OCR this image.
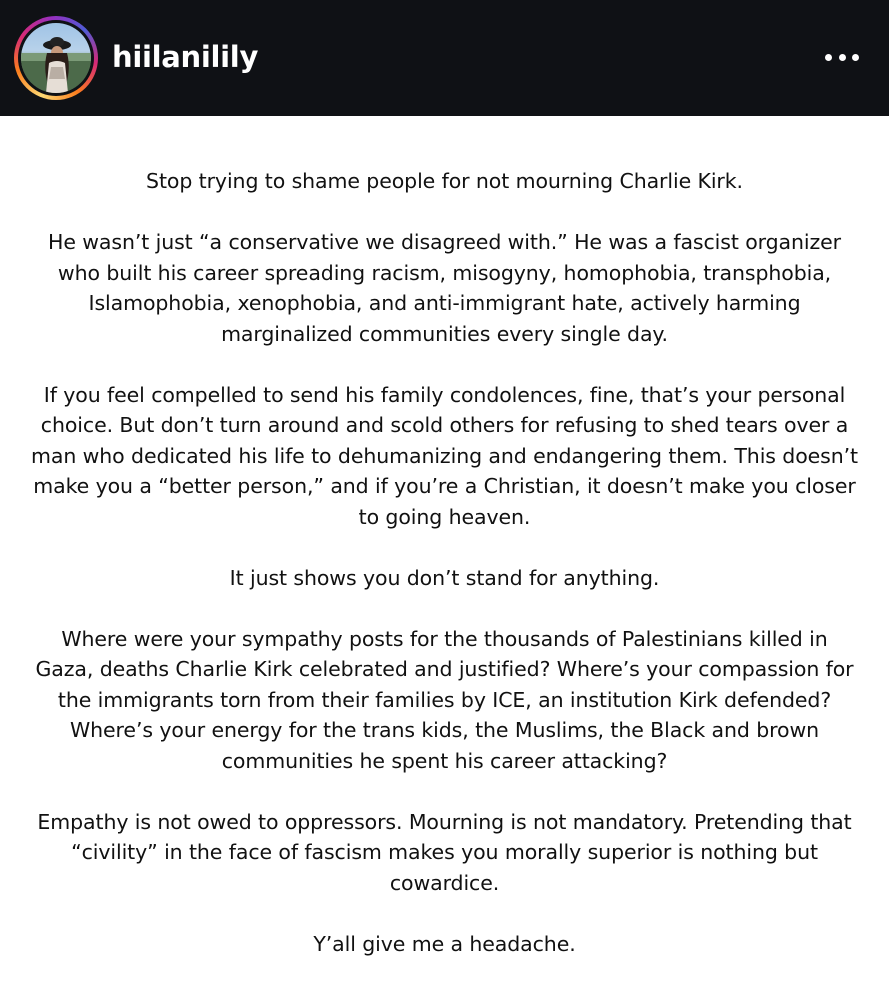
hiilanilily

Stop trying to shame people for not mourning Charlie Kirk.

He wasn’t just “a conservative we disagreed with.” He was a fascist organizer who built his career spreading racism, misogyny, homophobia, transphobia, Islamophobia, xenophobia, and anti-immigrant hate, actively harming marginalized communities every single day.

If you feel compelled to send his family condolences, fine, that’s your personal choice. But don’t turn around and scold others for refusing to shed tears over a man who dedicated his life to dehumanizing and endangering them. This doesn’t make you a “better person,” and if you’re a Christian, it doesn’t make you closer to going heaven.

It just shows you don’t stand for anything.

Where were your sympathy posts for the thousands of Palestinians killed in Gaza, deaths Charlie Kirk celebrated and justified? Where’s your compassion for the immigrants torn from their families by ICE, an institution Kirk defended? Where’s your energy for the trans kids, the Muslims, the Black and brown communities he spent his career attacking?

Empathy is not owed to oppressors. Mourning is not mandatory. Pretending that “civility” in the face of fascism makes you morally superior is nothing but cowardice.

Y’all give me a headache.
